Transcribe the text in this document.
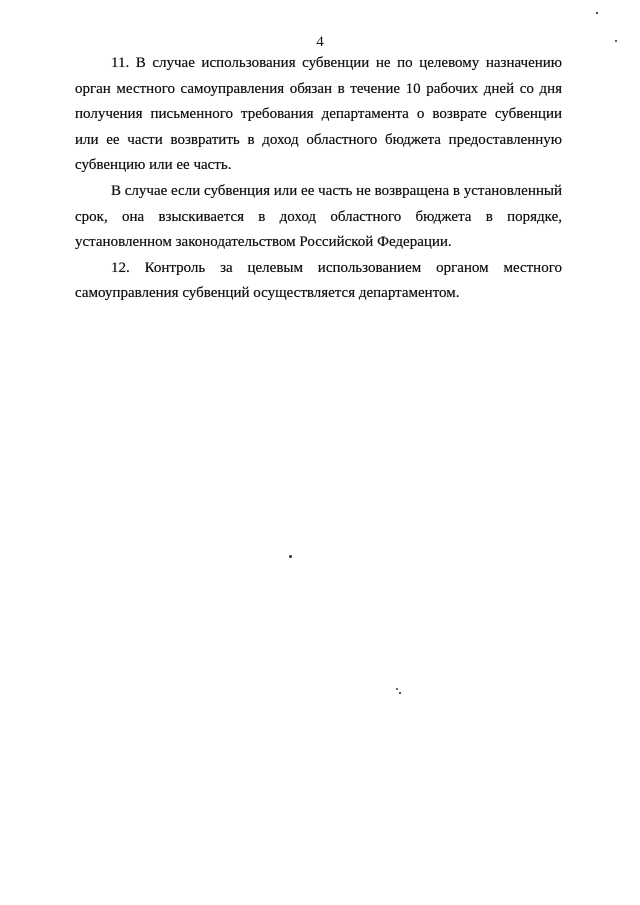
4

11. В случае использования субвенции не по целевому назначению орган местного самоуправления обязан в течение 10 рабочих дней со дня получения письменного требования департамента о возврате субвенции или ее части возвратить в доход областного бюджета предоставленную субвенцию или ее часть.

В случае если субвенция или ее часть не возвращена в установленный срок, она взыскивается в доход областного бюджета в порядке, установленном законодательством Российской Федерации.

12. Контроль за целевым использованием органом местного самоуправления субвенций осуществляется департаментом.
